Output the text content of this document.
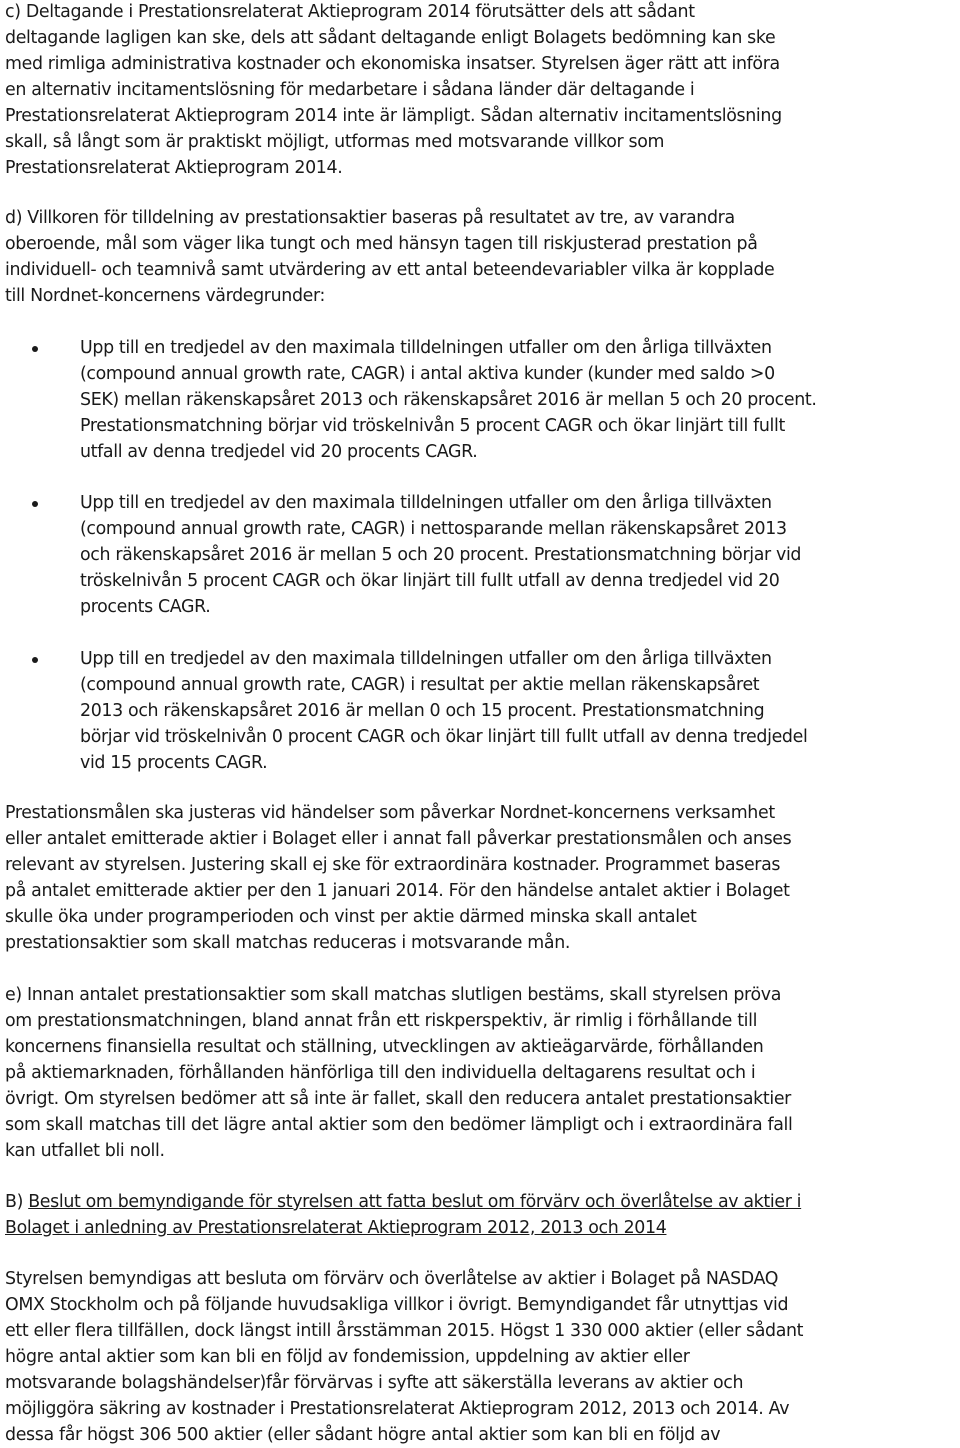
c) Deltagande i Prestationsrelaterat Aktieprogram 2014 förutsätter dels att sådant
deltagande lagligen kan ske, dels att sådant deltagande enligt Bolagets bedömning kan ske
med rimliga administrativa kostnader och ekonomiska insatser. Styrelsen äger rätt att införa
en alternativ incitamentslösning för medarbetare i sådana länder där deltagande i
Prestationsrelaterat Aktieprogram 2014 inte är lämpligt. Sådan alternativ incitamentslösning
skall, så långt som är praktiskt möjligt, utformas med motsvarande villkor som
Prestationsrelaterat Aktieprogram 2014.
d) Villkoren för tilldelning av prestationsaktier baseras på resultatet av tre, av varandra
oberoende, mål som väger lika tungt och med hänsyn tagen till riskjusterad prestation på
individuell- och teamnivå samt utvärdering av ett antal beteendevariabler vilka är kopplade
till Nordnet-koncernens värdegrunder:
Upp till en tredjedel av den maximala tilldelningen utfaller om den årliga tillväxten
(compound annual growth rate, CAGR) i antal aktiva kunder (kunder med saldo >0
SEK) mellan räkenskapsåret 2013 och räkenskapsåret 2016 är mellan 5 och 20 procent.
Prestationsmatchning börjar vid tröskelnivån 5 procent CAGR och ökar linjärt till fullt
utfall av denna tredjedel vid 20 procents CAGR.
Upp till en tredjedel av den maximala tilldelningen utfaller om den årliga tillväxten
(compound annual growth rate, CAGR) i nettosparande mellan räkenskapsåret 2013
och räkenskapsåret 2016 är mellan 5 och 20 procent. Prestationsmatchning börjar vid
tröskelnivån 5 procent CAGR och ökar linjärt till fullt utfall av denna tredjedel vid 20
procents CAGR.
Upp till en tredjedel av den maximala tilldelningen utfaller om den årliga tillväxten
(compound annual growth rate, CAGR) i resultat per aktie mellan räkenskapsåret
2013 och räkenskapsåret 2016 är mellan 0 och 15 procent. Prestationsmatchning
börjar vid tröskelnivån 0 procent CAGR och ökar linjärt till fullt utfall av denna tredjedel
vid 15 procents CAGR.
Prestationsmålen ska justeras vid händelser som påverkar Nordnet-koncernens verksamhet
eller antalet emitterade aktier i Bolaget eller i annat fall påverkar prestationsmålen och anses
relevant av styrelsen. Justering skall ej ske för extraordinära kostnader. Programmet baseras
på antalet emitterade aktier per den 1 januari 2014. För den händelse antalet aktier i Bolaget
skulle öka under programperioden och vinst per aktie därmed minska skall antalet
prestationsaktier som skall matchas reduceras i motsvarande mån.
e) Innan antalet prestationsaktier som skall matchas slutligen bestäms, skall styrelsen pröva
om prestationsmatchningen, bland annat från ett riskperspektiv, är rimlig i förhållande till
koncernens finansiella resultat och ställning, utvecklingen av aktieägarvärde, förhållanden
på aktiemarknaden, förhållanden hänförliga till den individuella deltagarens resultat och i
övrigt. Om styrelsen bedömer att så inte är fallet, skall den reducera antalet prestationsaktier
som skall matchas till det lägre antal aktier som den bedömer lämpligt och i extraordinära fall
kan utfallet bli noll.
B) Beslut om bemyndigande för styrelsen att fatta beslut om förvärv och överlåtelse av aktier i
Bolaget i anledning av Prestationsrelaterat Aktieprogram 2012, 2013 och 2014
Styrelsen bemyndigas att besluta om förvärv och överlåtelse av aktier i Bolaget på NASDAQ
OMX Stockholm och på följande huvudsakliga villkor i övrigt. Bemyndigandet får utnyttjas vid
ett eller flera tillfällen, dock längst intill årsstämman 2015. Högst 1 330 000 aktier (eller sådant
högre antal aktier som kan bli en följd av fondemission, uppdelning av aktier eller
motsvarande bolagshändelser)får förvärvas i syfte att säkerställa leverans av aktier och
möjliggöra säkring av kostnader i Prestationsrelaterat Aktieprogram 2012, 2013 och 2014. Av
dessa får högst 306 500 aktier (eller sådant högre antal aktier som kan bli en följd av
